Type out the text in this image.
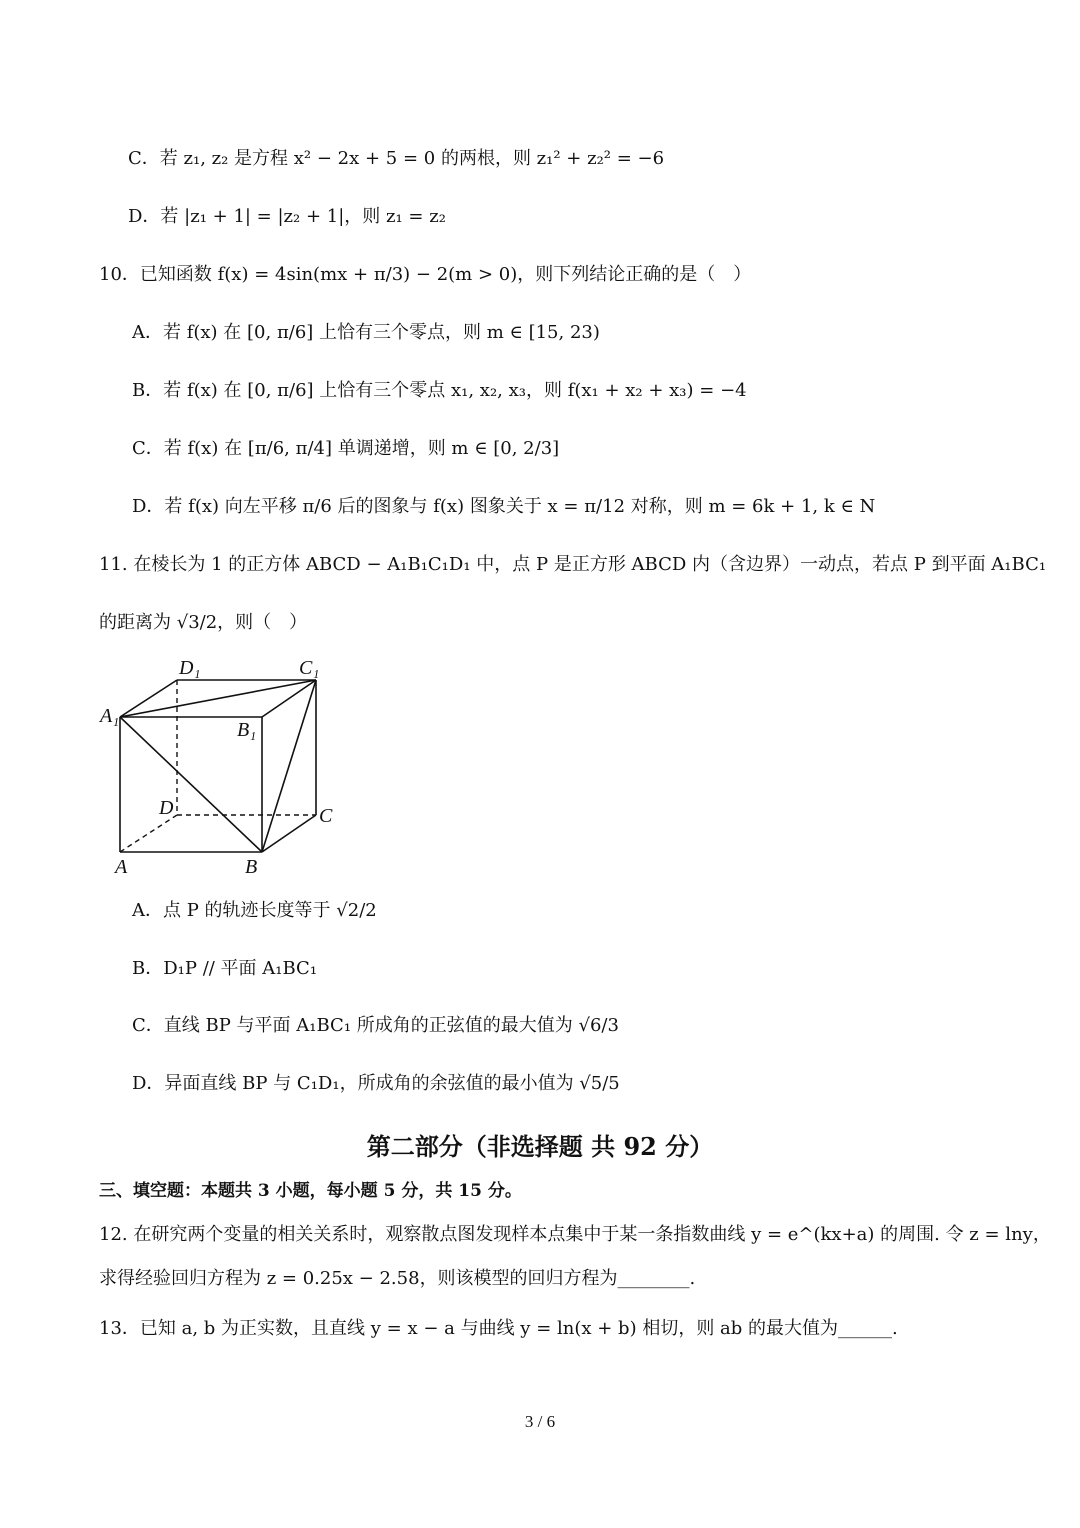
C．若 z₁, z₂ 是方程 x² − 2x + 5 = 0 的两根，则 z₁² + z₂² = −6
D．若 |z₁ + 1| = |z₂ + 1|，则 z₁ = z₂
10．已知函数 f(x) = 4sin(mx + π/3) − 2(m > 0)，则下列结论正确的是（　）
A．若 f(x) 在 [0, π/6] 上恰有三个零点，则 m ∈ [15, 23)
B．若 f(x) 在 [0, π/6] 上恰有三个零点 x₁, x₂, x₃，则 f(x₁ + x₂ + x₃) = −4
C．若 f(x) 在 [π/6, π/4] 单调递增，则 m ∈ [0, 2/3]
D．若 f(x) 向左平移 π/6 后的图象与 f(x) 图象关于 x = π/12 对称，则 m = 6k + 1, k ∈ N
11. 在棱长为 1 的正方体 ABCD − A₁B₁C₁D₁ 中，点 P 是正方形 ABCD 内（含边界）一动点，若点 P 到平面 A₁BC₁
的距离为 √3/2，则（　）
A	B
C
D
A₁
B₁
C₁
D₁
A．点 P 的轨迹长度等于 √2/2
B．D₁P // 平面 A₁BC₁
C．直线 BP 与平面 A₁BC₁ 所成角的正弦值的最大值为 √6/3
D．异面直线 BP 与 C₁D₁，所成角的余弦值的最小值为 √5/5
第二部分（非选择题 共 92 分）
三、填空题：本题共 3 小题，每小题 5 分，共 15 分。
12. 在研究两个变量的相关关系时，观察散点图发现样本点集中于某一条指数曲线 y = e^(kx+a) 的周围. 令 z = lny，
求得经验回归方程为 z = 0.25x − 2.58，则该模型的回归方程为________.
13．已知 a, b 为正实数，且直线 y = x − a 与曲线 y = ln(x + b) 相切，则 ab 的最大值为______.
3 / 6
